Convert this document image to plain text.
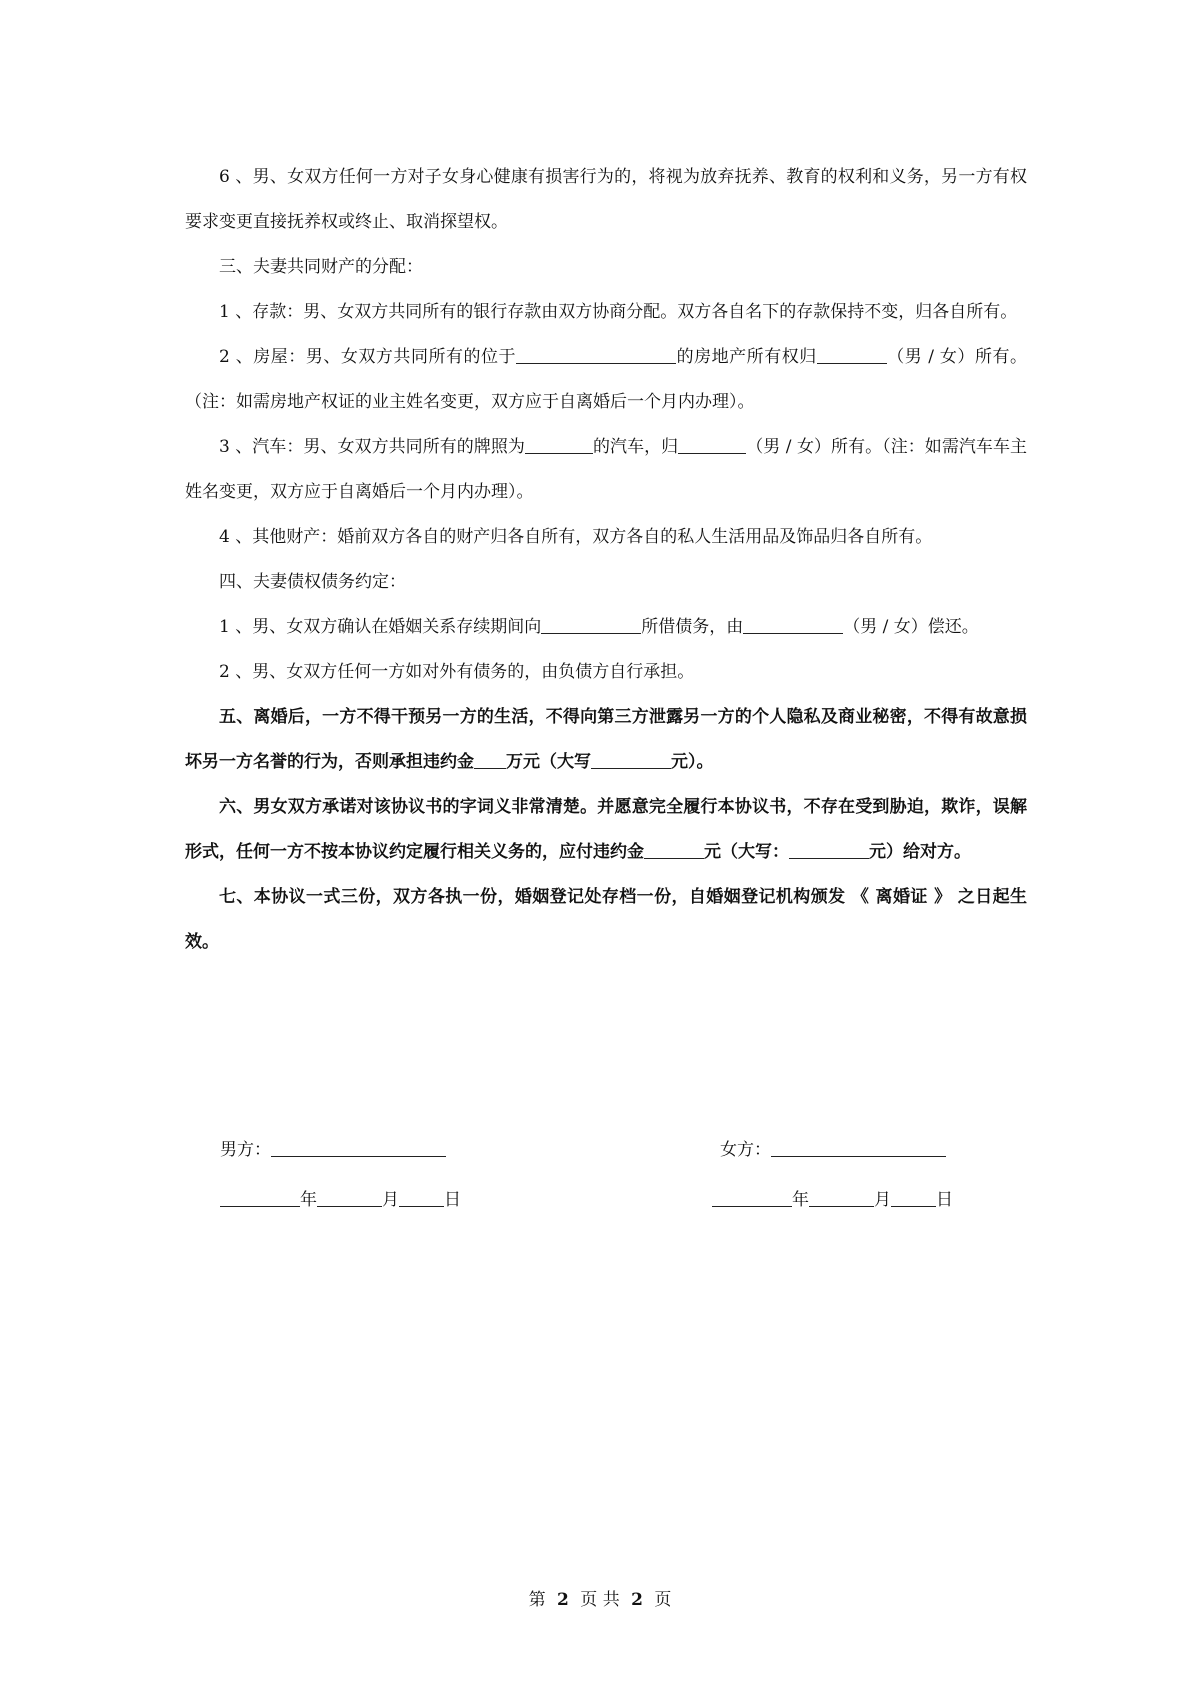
6 、男、女双方任何一方对子女身心健康有损害行为的，将视为放弃抚养、教育的权利和义务，另一方有权要求变更直接抚养权或终止、取消探望权。

三、夫妻共同财产的分配：

1 、存款：男、女双方共同所有的银行存款由双方协商分配。双方各自名下的存款保持不变，归各自所有。

2 、房屋：男、女双方共同所有的位于	的房地产所有权归	（男 / 女）所有。（注：如需房地产权证的业主姓名变更，双方应于自离婚后一个月内办理）。

3 、汽车：男、女双方共同所有的牌照为	的汽车，归	（男 / 女）所有。（注：如需汽车车主姓名变更，双方应于自离婚后一个月内办理）。

4 、其他财产：婚前双方各自的财产归各自所有，双方各自的私人生活用品及饰品归各自所有。

四、夫妻债权债务约定：

1 、男、女双方确认在婚姻关系存续期间向	所借债务，由	（男 / 女）偿还。

2 、男、女双方任何一方如对外有债务的，由负债方自行承担。

五、离婚后，一方不得干预另一方的生活，不得向第三方泄露另一方的个人隐私及商业秘密，不得有故意损坏另一方名誉的行为，否则承担违约金 万元（大写	元）。

六、男女双方承诺对该协议书的字词义非常清楚。并愿意完全履行本协议书，不存在受到胁迫，欺诈，误解形式，任何一方不按本协议约定履行相关义务的，应付违约金	元（大写：	元）给对方。

七、本协议一式三份，双方各执一份，婚姻登记处存档一份，自婚姻登记机构颁发 《 离婚证 》 之日起生效。

男方：	女方：
年	月	日	年	月	日
第 2 页 共 2 页
